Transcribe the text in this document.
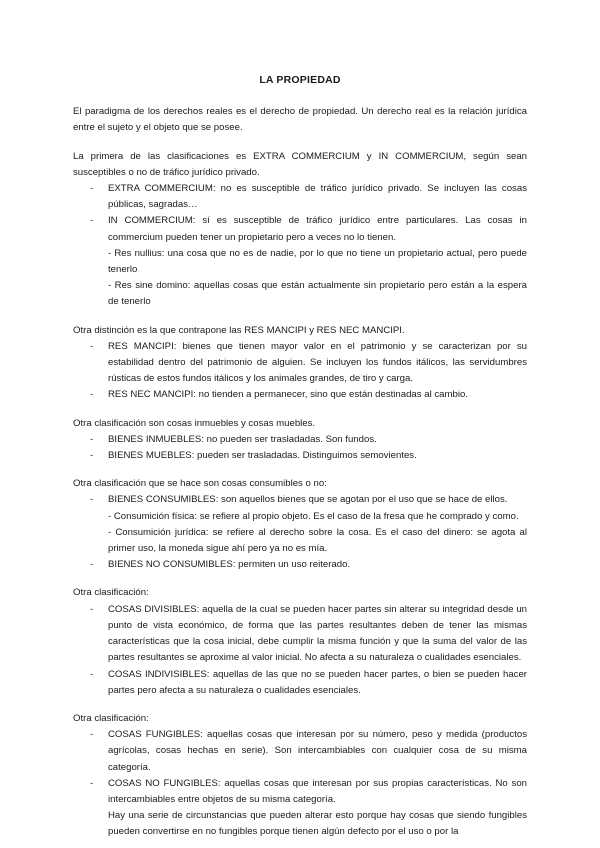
LA PROPIEDAD

El paradigma de los derechos reales es el derecho de propiedad. Un derecho real es la relación jurídica entre el sujeto y el objeto que se posee.

La primera de las clasificaciones es EXTRA COMMERCIUM y IN COMMERCIUM, según sean susceptibles o no de tráfico jurídico privado.

- EXTRA COMMERCIUM: no es susceptible de tráfico jurídico privado. Se incluyen las cosas públicas, sagradas…
- IN COMMERCIUM: sí es susceptible de tráfico jurídico entre particulares. Las cosas in commercium pueden tener un propietario pero a veces no lo tienen.
- Res nullius: una cosa que no es de nadie, por lo que no tiene un propietario actual, pero puede tenerlo
- Res sine domino: aquellas cosas que están actualmente sin propietario pero están a la espera de tenerlo

Otra distinción es la que contrapone las RES MANCIPI y RES NEC MANCIPI.

- RES MANCIPI: bienes que tienen mayor valor en el patrimonio y se caracterizan por su estabilidad dentro del patrimonio de alguien. Se incluyen los fundos itálicos, las servidumbres rústicas de estos fundos itálicos y los animales grandes, de tiro y carga.
- RES NEC MANCIPI: no tienden a permanecer, sino que están destinadas al cambio.

Otra clasificación son cosas inmuebles y cosas muebles.

- BIENES INMUEBLES: no pueden ser trasladadas. Son fundos.
- BIENES MUEBLES: pueden ser trasladadas. Distinguimos semovientes.

Otra clasificación que se hace son cosas consumibles o no:

- BIENES CONSUMIBLES: son aquellos bienes que se agotan por el uso que se hace de ellos.
- Consumición física: se refiere al propio objeto. Es el caso de la fresa que he comprado y como.
- Consumición jurídica: se refiere al derecho sobre la cosa. Es el caso del dinero: se agota al primer uso, la moneda sigue ahí pero ya no es mía.
- BIENES NO CONSUMIBLES: permiten un uso reiterado.

Otra clasificación:

- COSAS DIVISIBLES: aquella de la cual se pueden hacer partes sin alterar su integridad desde un punto de vista económico, de forma que las partes resultantes deben de tener las mismas características que la cosa inicial, debe cumplir la misma función y que la suma del valor de las partes resultantes se aproxime al valor inicial. No afecta a su naturaleza o cualidades esenciales.
- COSAS INDIVISIBLES: aquellas de las que no se pueden hacer partes, o bien se pueden hacer partes pero afecta a su naturaleza o cualidades esenciales.

Otra clasificación:

- COSAS FUNGIBLES: aquellas cosas que interesan por su número, peso y medida (productos agrícolas, cosas hechas en serie). Son intercambiables con cualquier cosa de su misma categoría.
- COSAS NO FUNGIBLES: aquellas cosas que interesan por sus propias características. No son intercambiables entre objetos de su misma categoría.
Hay una serie de circunstancias que pueden alterar esto porque hay cosas que siendo fungibles pueden convertirse en no fungibles porque tienen algún defecto por el uso o por la
